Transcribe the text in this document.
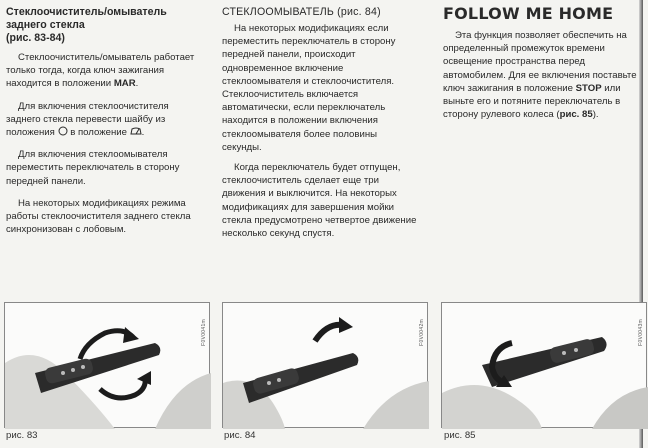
Стеклоочиститель/омыватель
заднего стекла
(рис. 83-84)
Стеклоочиститель/омыватель работает только тогда, когда ключ зажигания находится в положении MAR.
Для включения стеклоочистителя заднего стекла перевести шайбу из положения  в положение .
Для включения стеклоомывателя переместить переключатель в сторону передней панели.
На некоторых модификациях режима работы стеклоочистителя заднего стекла синхронизован с лобовым.
СТЕКЛООМЫВАТЕЛЬ (рис. 84)
На некоторых модификациях если переместить переключатель в сторону передней панели, происходит одновременное включение стеклоомывателя и стеклоочистителя. Стеклоочиститель включается автоматически, если переключатель находится в положении включения стеклоомывателя более половины секунды.
Когда переключатель будет отпущен, стеклоочиститель сделает еще три движения и выключится. На некоторых модификациях для завершения мойки стекла предусмотрено четвертое движение несколько секунд спустя.
FOLLOW ME HOME
Эта функция позволяет обеспечить на определенный промежуток времени освещение пространства перед автомобилем. Для ее включения поставьте ключ зажигания в положение STOP или выньте его и потяните переключатель в сторону рулевого колеса (рис. 85).
F0V0041m
рис. 83
F0V0042m
рис. 84
F0V0043m
рис. 85
